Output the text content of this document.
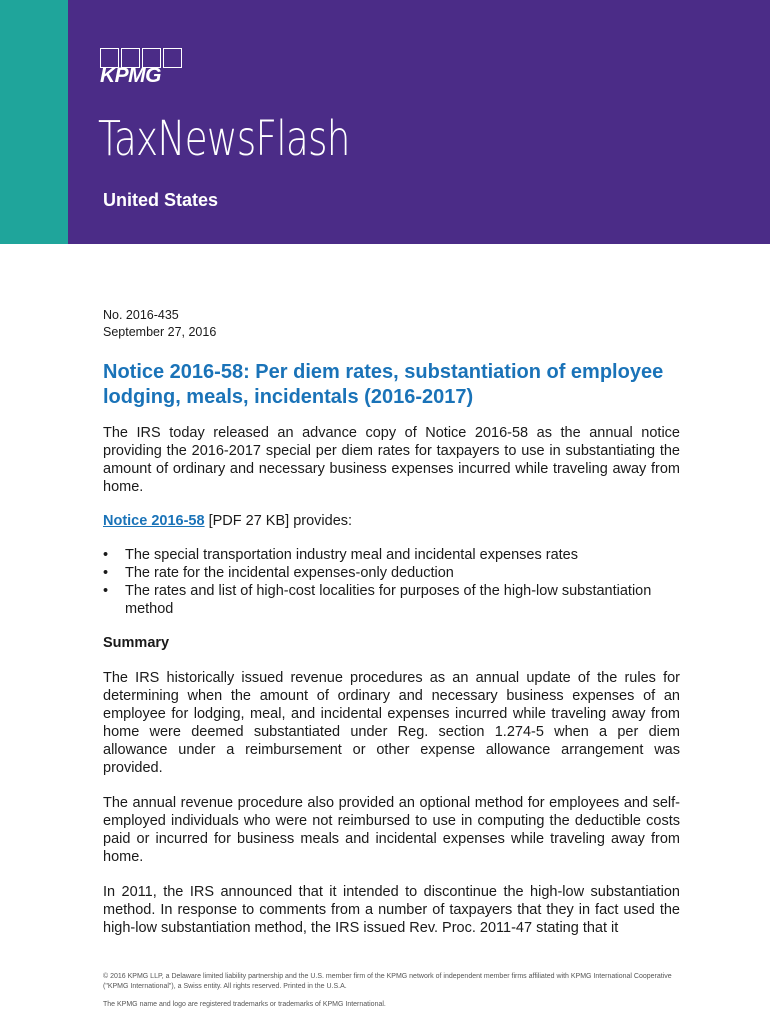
KPMG
TaxNewsFlash
United States
No. 2016-435
September 27, 2016
Notice 2016-58: Per diem rates, substantiation of employee lodging, meals, incidentals (2016-2017)

The IRS today released an advance copy of Notice 2016-58 as the annual notice providing the 2016-2017 special per diem rates for taxpayers to use in substantiating the amount of ordinary and necessary business expenses incurred while traveling away from home.

Notice 2016-58 [PDF 27 KB] provides:

• The special transportation industry meal and incidental expenses rates
• The rate for the incidental expenses-only deduction
• The rates and list of high-cost localities for purposes of the high-low substantiation method
Summary

The IRS historically issued revenue procedures as an annual update of the rules for determining when the amount of ordinary and necessary business expenses of an employee for lodging, meal, and incidental expenses incurred while traveling away from home were deemed substantiated under Reg. section 1.274-5 when a per diem allowance under a reimbursement or other expense allowance arrangement was provided.

The annual revenue procedure also provided an optional method for employees and self-employed individuals who were not reimbursed to use in computing the deductible costs paid or incurred for business meals and incidental expenses while traveling away from home.

In 2011, the IRS announced that it intended to discontinue the high-low substantiation method. In response to comments from a number of taxpayers that they in fact used the high-low substantiation method, the IRS issued Rev. Proc. 2011-47 stating that it

© 2016 KPMG LLP, a Delaware limited liability partnership and the U.S. member firm of the KPMG network of independent member firms affiliated with KPMG International Cooperative ("KPMG International"), a Swiss entity. All rights reserved. Printed in the U.S.A.
The KPMG name and logo are registered trademarks or trademarks of KPMG International.
